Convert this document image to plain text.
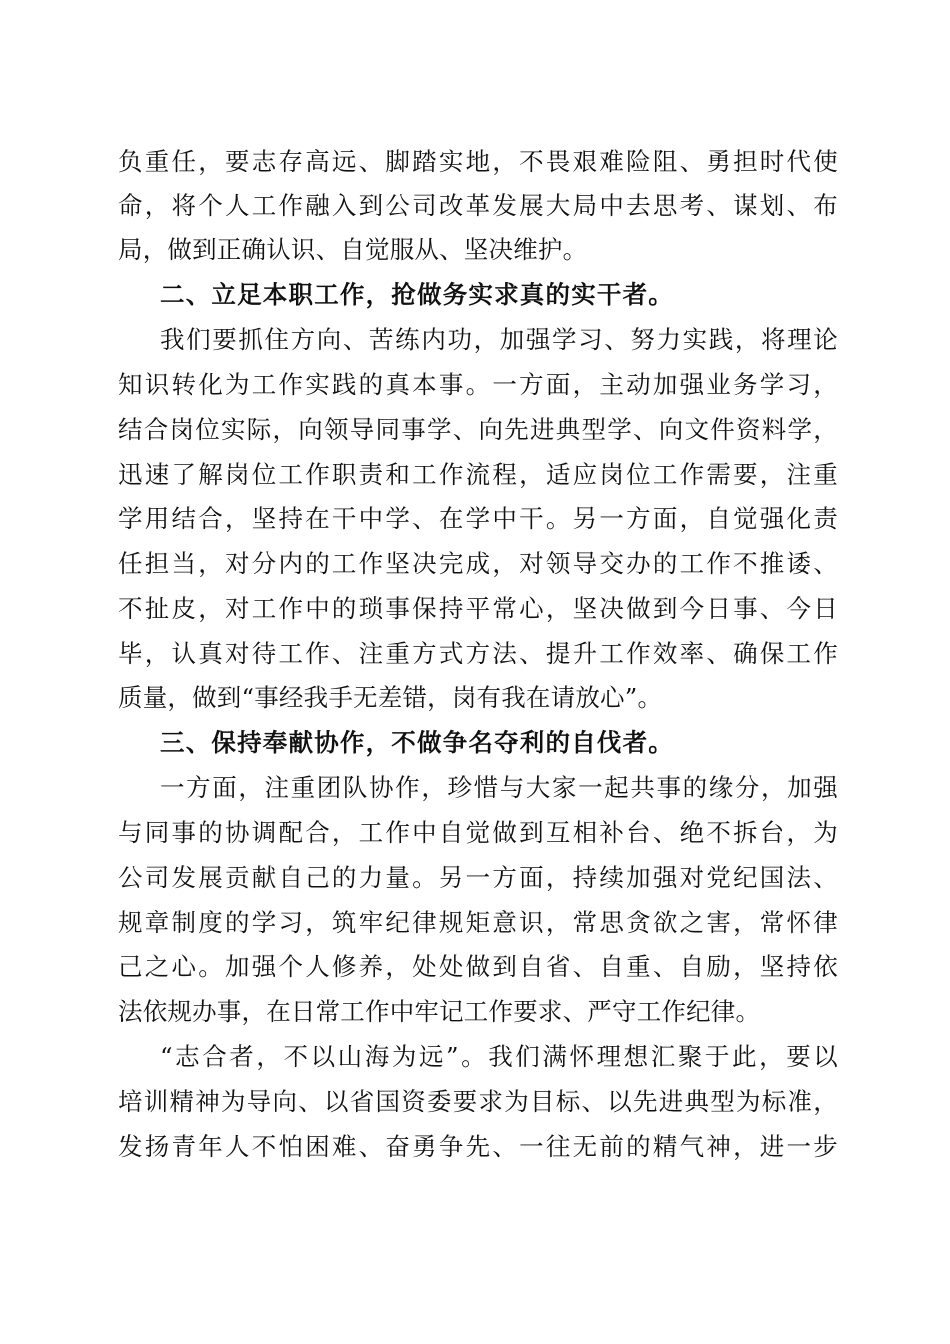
负重任，要志存高远、脚踏实地，不畏艰难险阻、勇担时代使
命，将个人工作融入到公司改革发展大局中去思考、谋划、布
局，做到正确认识、自觉服从、坚决维护。
二、立足本职工作，抢做务实求真的实干者。
我们要抓住方向、苦练内功，加强学习、努力实践，将理论
知识转化为工作实践的真本事。一方面，主动加强业务学习，
结合岗位实际，向领导同事学、向先进典型学、向文件资料学，
迅速了解岗位工作职责和工作流程，适应岗位工作需要，注重
学用结合，坚持在干中学、在学中干。另一方面，自觉强化责
任担当，对分内的工作坚决完成，对领导交办的工作不推诿、
不扯皮，对工作中的琐事保持平常心，坚决做到今日事、今日
毕，认真对待工作、注重方式方法、提升工作效率、确保工作
质量，做到“事经我手无差错，岗有我在请放心”。
三、保持奉献协作，不做争名夺利的自伐者。
一方面，注重团队协作，珍惜与大家一起共事的缘分，加强
与同事的协调配合，工作中自觉做到互相补台、绝不拆台，为
公司发展贡献自己的力量。另一方面，持续加强对党纪国法、
规章制度的学习，筑牢纪律规矩意识，常思贪欲之害，常怀律
己之心。加强个人修养，处处做到自省、自重、自励，坚持依
法依规办事，在日常工作中牢记工作要求、严守工作纪律。
“志合者，不以山海为远”。我们满怀理想汇聚于此，要以
培训精神为导向、以省国资委要求为目标、以先进典型为标准，
发扬青年人不怕困难、奋勇争先、一往无前的精气神，进一步
